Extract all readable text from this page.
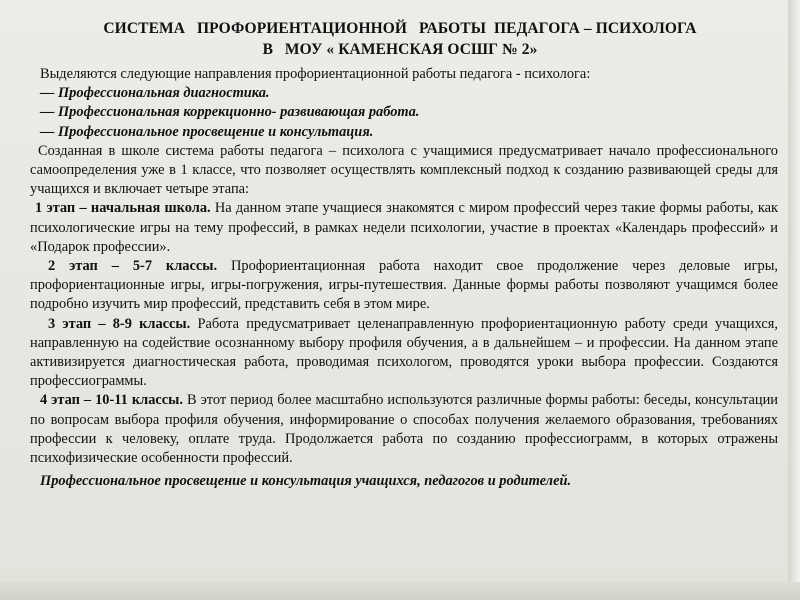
СИСТЕМА   ПРОФОРИЕНТАЦИОННОЙ   РАБОТЫ  ПЕДАГОГА – ПСИХОЛОГА
В   МОУ « КАМЕНСКАЯ ОСШГ № 2»

Выделяются следующие направления профориентационной работы педагога - психолога:

— Профессиональная диагностика.

— Профессиональная коррекционно- развивающая работа.

— Профессиональное просвещение и консультация.

Созданная в школе система работы педагога – психолога с учащимися предусматривает начало профессионального самоопределения уже в 1 классе, что позволяет осуществлять комплексный подход к созданию развивающей среды для учащихся и включает четыре этапа:

1 этап – начальная школа. На данном этапе учащиеся знакомятся с миром профессий через такие формы работы, как психологические игры на тему профессий, в рамках недели психологии, участие в проектах «Календарь профессий» и «Подарок профессии».

2 этап – 5-7 классы. Профориентационная работа находит свое продолжение через деловые игры, профориентационные игры, игры-погружения, игры-путешествия. Данные формы работы позволяют учащимся более подробно изучить мир профессий, представить себя в этом мире.

3 этап – 8-9 классы. Работа предусматривает целенаправленную профориентационную работу среди учащихся, направленную на содействие осознанному выбору профиля обучения, а в дальнейшем – и профессии. На данном этапе активизируется диагностическая работа, проводимая психологом, проводятся уроки выбора профессии. Создаются профессиограммы.

4 этап – 10-11 классы. В этот период более масштабно используются различные формы работы: беседы, консультации по вопросам выбора профиля обучения, информирование о способах получения желаемого образования, требованиях профессии к человеку, оплате труда. Продолжается работа по созданию профессиограмм, в которых отражены психофизические особенности профессий.

Профессиональное просвещение и консультация учащихся, педагогов и родителей.
